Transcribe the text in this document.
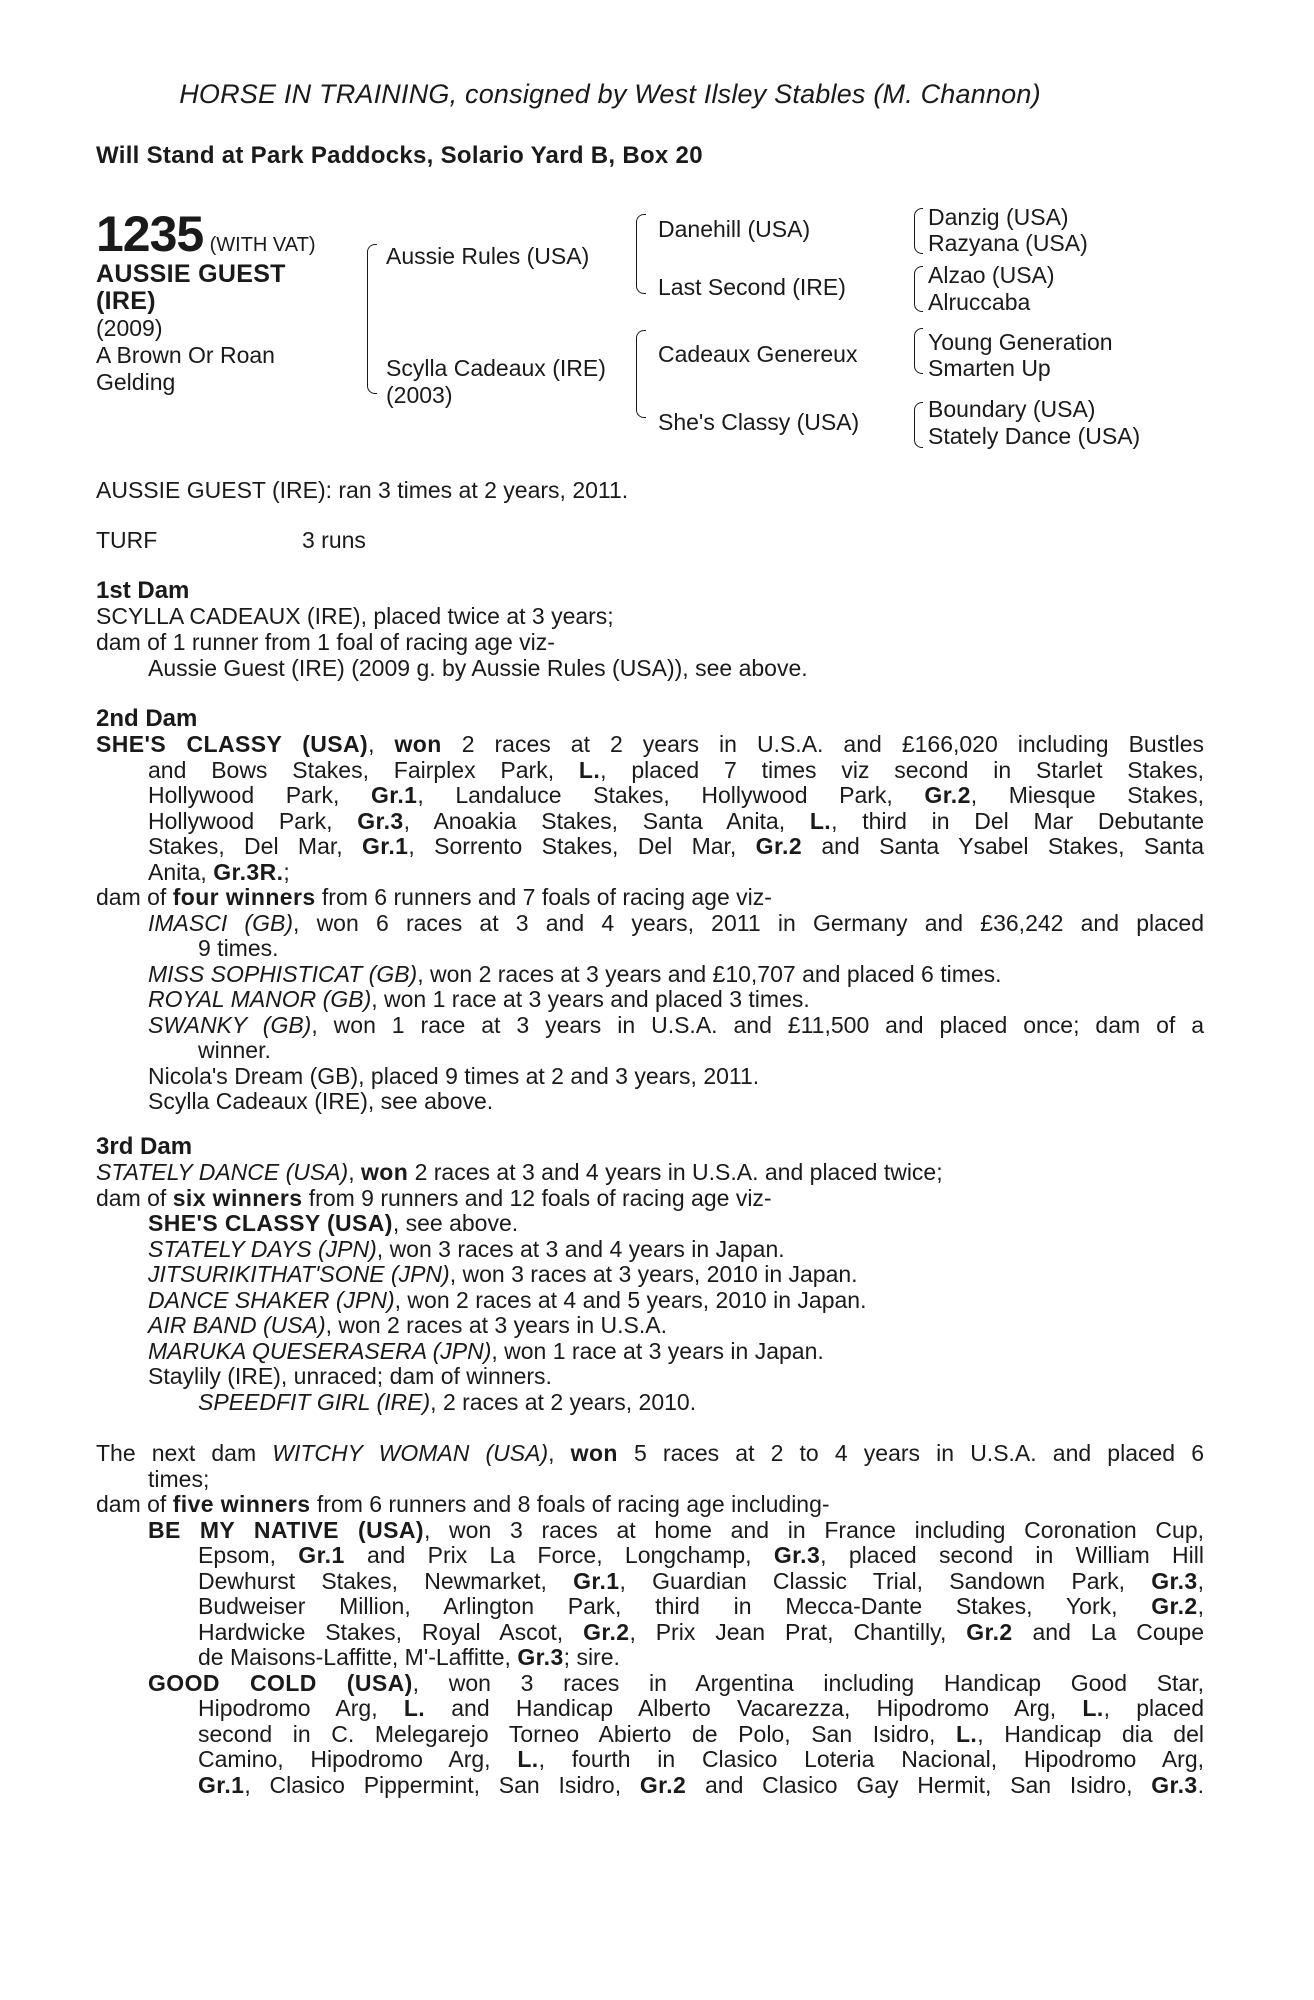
HORSE IN TRAINING, consigned by West Ilsley Stables (M. Channon)
Will Stand at Park Paddocks, Solario Yard B, Box 20
1235 (WITH VAT)
AUSSIE GUEST
(IRE)
(2009)
A Brown Or Roan
Gelding
Aussie Rules (USA)
Scylla Cadeaux (IRE)
(2003)
Danehill (USA)
Last Second (IRE)
Cadeaux Genereux
She's Classy (USA)
Danzig (USA)
Razyana (USA)
Alzao (USA)
Alruccaba
Young Generation
Smarten Up
Boundary (USA)
Stately Dance (USA)
AUSSIE GUEST (IRE): ran 3 times at 2 years, 2011.
TURF	3 runs
1st Dam
SCYLLA CADEAUX (IRE), placed twice at 3 years;
dam of 1 runner from 1 foal of racing age viz-
Aussie Guest (IRE) (2009 g. by Aussie Rules (USA)), see above.
2nd Dam
SHE'S CLASSY (USA), won 2 races at 2 years in U.S.A. and £166,020 including Bustles
and Bows Stakes, Fairplex Park, L., placed 7 times viz second in Starlet Stakes,
Hollywood Park, Gr.1, Landaluce Stakes, Hollywood Park, Gr.2, Miesque Stakes,
Hollywood Park, Gr.3, Anoakia Stakes, Santa Anita, L., third in Del Mar Debutante
Stakes, Del Mar, Gr.1, Sorrento Stakes, Del Mar, Gr.2 and Santa Ysabel Stakes, Santa
Anita, Gr.3R.;
dam of four winners from 6 runners and 7 foals of racing age viz-
IMASCI (GB), won 6 races at 3 and 4 years, 2011 in Germany and £36,242 and placed
9 times.
MISS SOPHISTICAT (GB), won 2 races at 3 years and £10,707 and placed 6 times.
ROYAL MANOR (GB), won 1 race at 3 years and placed 3 times.
SWANKY (GB), won 1 race at 3 years in U.S.A. and £11,500 and placed once; dam of a
winner.
Nicola's Dream (GB), placed 9 times at 2 and 3 years, 2011.
Scylla Cadeaux (IRE), see above.
3rd Dam
STATELY DANCE (USA), won 2 races at 3 and 4 years in U.S.A. and placed twice;
dam of six winners from 9 runners and 12 foals of racing age viz-
SHE'S CLASSY (USA), see above.
STATELY DAYS (JPN), won 3 races at 3 and 4 years in Japan.
JITSURIKITHAT'SONE (JPN), won 3 races at 3 years, 2010 in Japan.
DANCE SHAKER (JPN), won 2 races at 4 and 5 years, 2010 in Japan.
AIR BAND (USA), won 2 races at 3 years in U.S.A.
MARUKA QUESERASERA (JPN), won 1 race at 3 years in Japan.
Staylily (IRE), unraced; dam of winners.
SPEEDFIT GIRL (IRE), 2 races at 2 years, 2010.
The next dam WITCHY WOMAN (USA), won 5 races at 2 to 4 years in U.S.A. and placed 6
times;
dam of five winners from 6 runners and 8 foals of racing age including-
BE MY NATIVE (USA), won 3 races at home and in France including Coronation Cup,
Epsom, Gr.1 and Prix La Force, Longchamp, Gr.3, placed second in William Hill
Dewhurst Stakes, Newmarket, Gr.1, Guardian Classic Trial, Sandown Park, Gr.3,
Budweiser Million, Arlington Park, third in Mecca-Dante Stakes, York, Gr.2,
Hardwicke Stakes, Royal Ascot, Gr.2, Prix Jean Prat, Chantilly, Gr.2 and La Coupe
de Maisons-Laffitte, M'-Laffitte, Gr.3; sire.
GOOD COLD (USA), won 3 races in Argentina including Handicap Good Star,
Hipodromo Arg, L. and Handicap Alberto Vacarezza, Hipodromo Arg, L., placed
second in C. Melegarejo Torneo Abierto de Polo, San Isidro, L., Handicap dia del
Camino, Hipodromo Arg, L., fourth in Clasico Loteria Nacional, Hipodromo Arg,
Gr.1, Clasico Pippermint, San Isidro, Gr.2 and Clasico Gay Hermit, San Isidro, Gr.3.
